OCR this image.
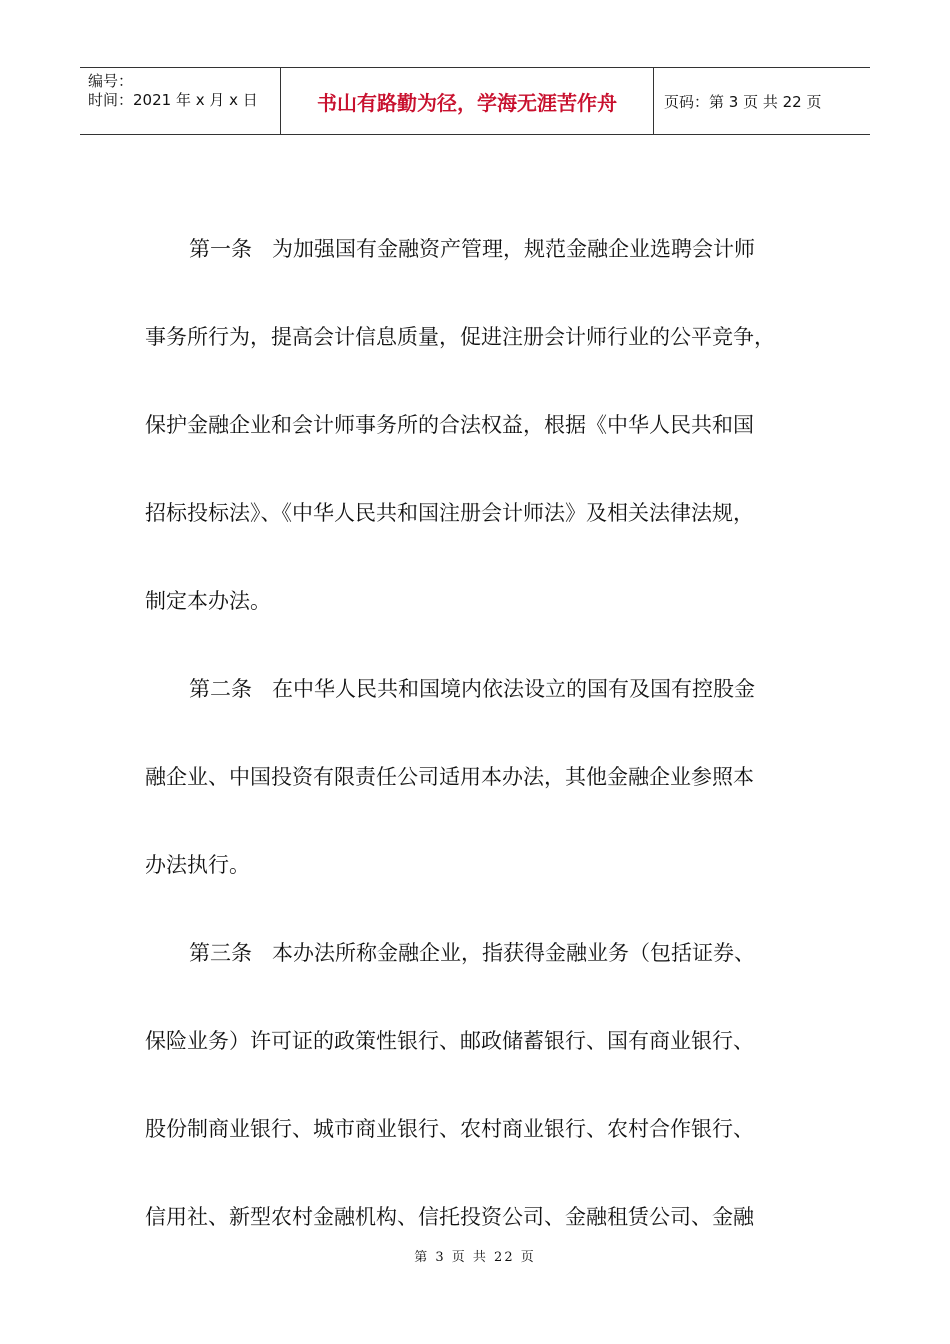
编号：
时间：2021 年 x 月 x 日	书山有路勤为径，学海无涯苦作舟	页码：第 3 页 共 22 页

第一条 为加强国有金融资产管理，规范金融企业选聘会计师

事务所行为，提高会计信息质量，促进注册会计师行业的公平竞争，

保护金融企业和会计师事务所的合法权益，根据《中华人民共和国

招标投标法》、《中华人民共和国注册会计师法》及相关法律法规，

制定本办法。

第二条 在中华人民共和国境内依法设立的国有及国有控股金

融企业、中国投资有限责任公司适用本办法，其他金融企业参照本

办法执行。

第三条 本办法所称金融企业，指获得金融业务（包括证券、

保险业务）许可证的政策性银行、邮政储蓄银行、国有商业银行、

股份制商业银行、城市商业银行、农村商业银行、农村合作银行、

信用社、新型农村金融机构、信托投资公司、金融租赁公司、金融

第 3 页 共 22 页
